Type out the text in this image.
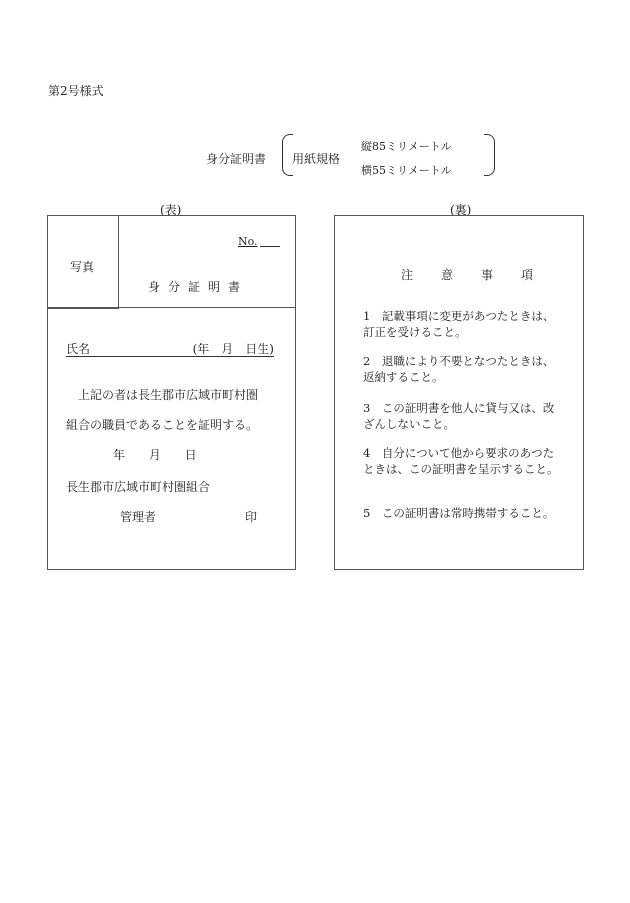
第2号様式
身分証明書 用紙規格
縦85ミリメートル
横55ミリメートル
(表)	(裏)
写真
No.
身分証明書
氏名	(年　月　日生)
上記の者は長生郡市広域市町村圏
組合の職員であることを証明する。
年 月 日
長生郡市広域市町村圏組合
管理者	印
注意事項
1　記載事項に変更があつたときは、訂正を受けること。
2　退職により不要となつたときは、返納すること。
3　この証明書を他人に貸与又は、改ざんしないこと。
4　自分について他から要求のあつたときは、この証明書を呈示すること。
5　この証明書は常時携帯すること。
